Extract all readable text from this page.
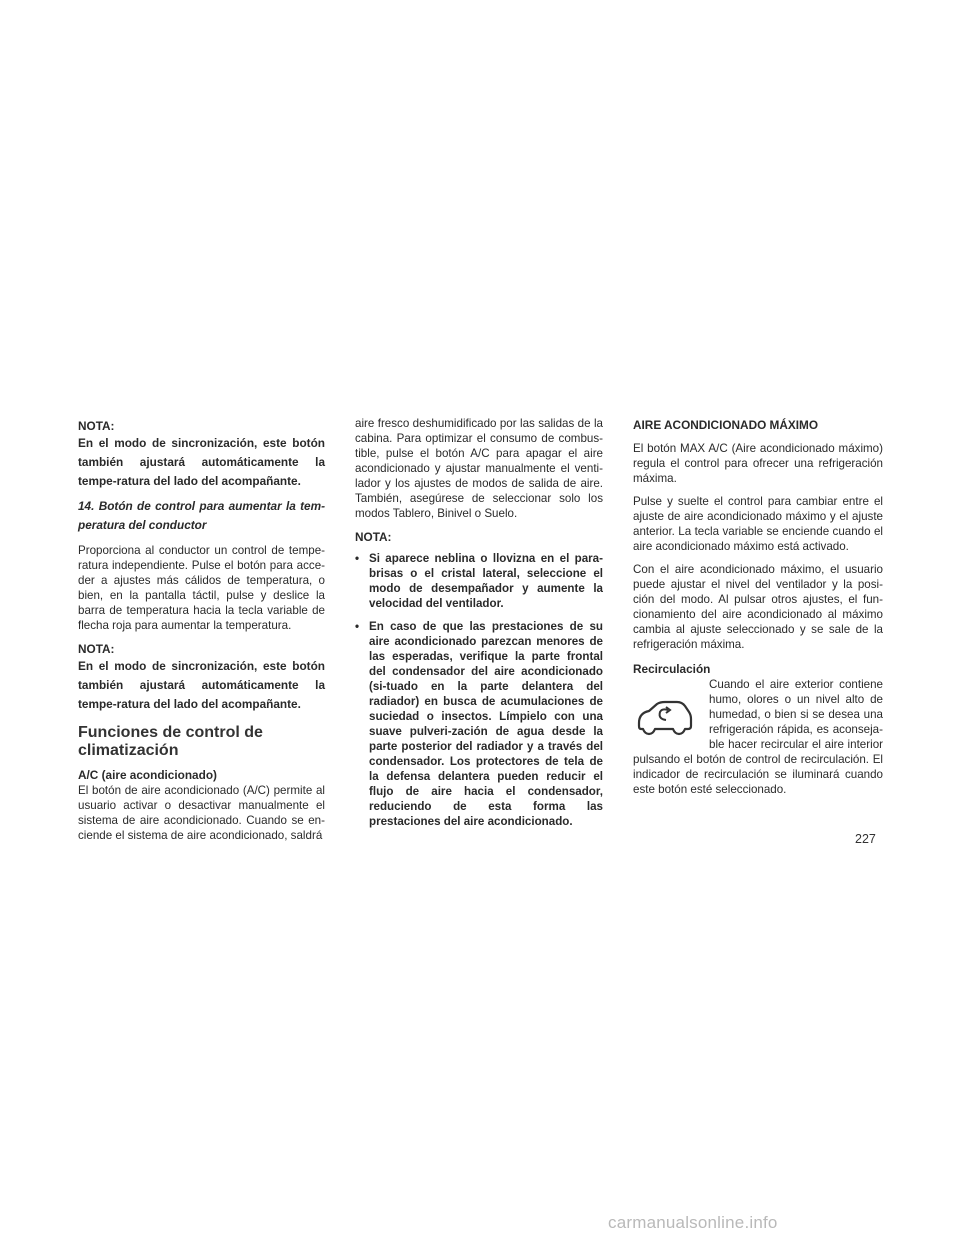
NOTA:

En el modo de sincronización, este botón también ajustará automáticamente la tempe-ratura del lado del acompañante.

14. Botón de control para aumentar la tem-peratura del conductor

Proporciona al conductor un control de tempe-ratura independiente. Pulse el botón para acce-der a ajustes más cálidos de temperatura, o bien, en la pantalla táctil, pulse y deslice la barra de temperatura hacia la tecla variable de flecha roja para aumentar la temperatura.

NOTA:

En el modo de sincronización, este botón también ajustará automáticamente la tempe-ratura del lado del acompañante.

Funciones de control de climatización

A/C (aire acondicionado)

El botón de aire acondicionado (A/C) permite al usuario activar o desactivar manualmente el sistema de aire acondicionado. Cuando se en-ciende el sistema de aire acondicionado, saldrá

aire fresco deshumidificado por las salidas de la cabina. Para optimizar el consumo de combus-tible, pulse el botón A/C para apagar el aire acondicionado y ajustar manualmente el venti-lador y los ajustes de modos de salida de aire. También, asegúrese de seleccionar solo los modos Tablero, Binivel o Suelo.

NOTA:

• Si aparece neblina o llovizna en el para-brisas o el cristal lateral, seleccione el modo de desempañador y aumente la velocidad del ventilador.
• En caso de que las prestaciones de su aire acondicionado parezcan menores de las esperadas, verifique la parte frontal del condensador del aire acondicionado (si-tuado en la parte delantera del radiador) en busca de acumulaciones de suciedad o insectos. Límpielo con una suave pulveri-zación de agua desde la parte posterior del radiador y a través del condensador. Los protectores de tela de la defensa delantera pueden reducir el flujo de aire hacia el condensador, reduciendo de esta forma las prestaciones del aire acondicionado.

AIRE ACONDICIONADO MÁXIMO

El botón MAX A/C (Aire acondicionado máximo) regula el control para ofrecer una refrigeración máxima.

Pulse y suelte el control para cambiar entre el ajuste de aire acondicionado máximo y el ajuste anterior. La tecla variable se enciende cuando el aire acondicionado máximo está activado.

Con el aire acondicionado máximo, el usuario puede ajustar el nivel del ventilador y la posi-ción del modo. Al pulsar otros ajustes, el fun-cionamiento del aire acondicionado al máximo cambia al ajuste seleccionado y se sale de la refrigeración máxima.

Recirculación

Cuando el aire exterior contiene humo, olores o un nivel alto de humedad, o bien si se desea una refrigeración rápida, es aconseja-ble hacer recircular el aire interior pulsando el botón de control de recirculación. El indicador de recirculación se iluminará cuando este botón esté seleccionado.

227
carmanualsonline.info
